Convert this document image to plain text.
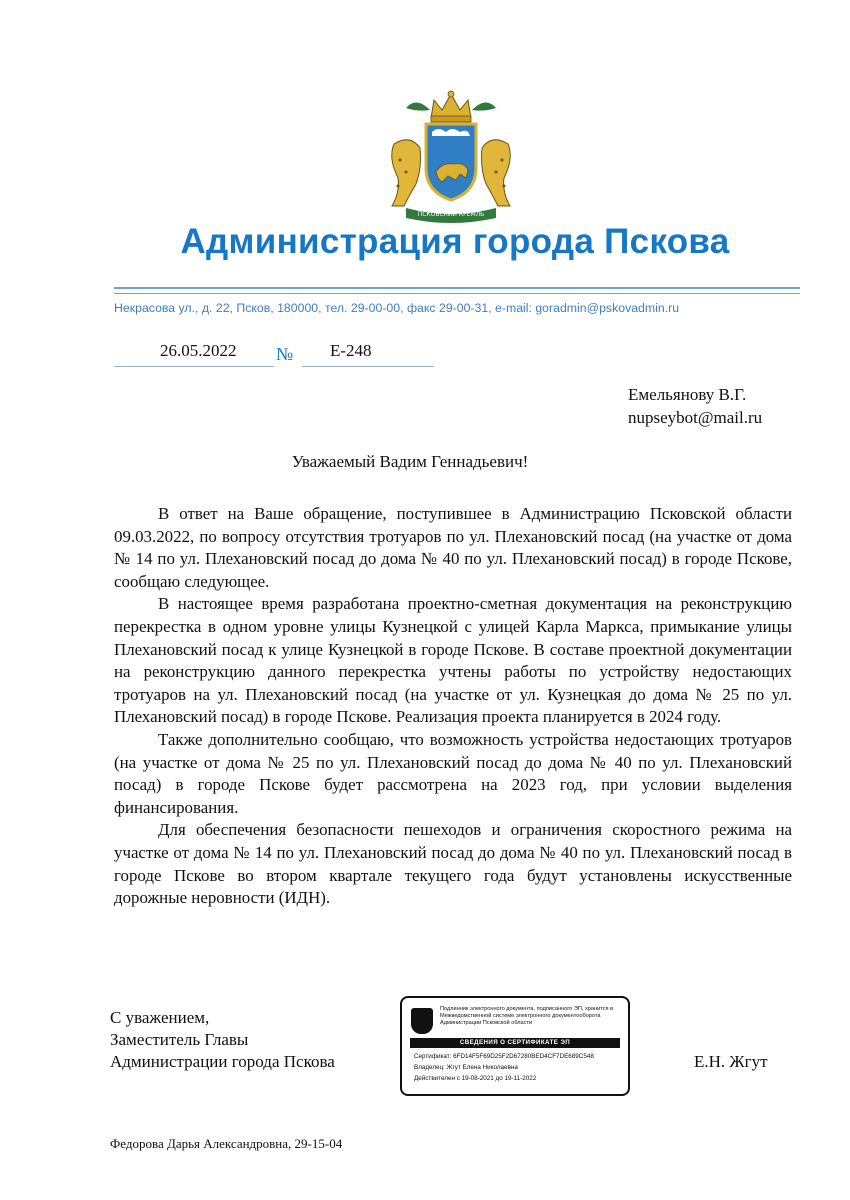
ПСКОВСКИЙ КРЕМЛЬ
Администрация города Пскова
Некрасова ул., д. 22, Псков, 180000, тел. 29-00-00, факс 29-00-31, e-mail: goradmin@pskovadmin.ru
26.05.2022 № Е-248
Емельянову В.Г.
nupseybot@mail.ru
Уважаемый Вадим Геннадьевич!

В ответ на Ваше обращение, поступившее в Администрацию Псковской области 09.03.2022, по вопросу отсутствия тротуаров по ул. Плехановский посад (на участке от дома № 14 по ул. Плехановский посад до дома № 40 по ул. Плехановский посад) в городе Пскове, сообщаю следующее.

В настоящее время разработана проектно-сметная документация на реконструкцию перекрестка в одном уровне улицы Кузнецкой с улицей Карла Маркса, примыкание улицы Плехановский посад к улице Кузнецкой в городе Пскове. В составе проектной документации на реконструкцию данного перекрестка учтены работы по устройству недостающих тротуаров на ул. Плехановский посад (на участке от ул. Кузнецкая до дома № 25 по ул. Плехановский посад) в городе Пскове. Реализация проекта планируется в 2024 году.

Также дополнительно сообщаю, что возможность устройства недостающих тротуаров (на участке от дома № 25 по ул. Плехановский посад до дома № 40 по ул. Плехановский посад) в городе Пскове будет рассмотрена на 2023 год, при условии выделения финансирования.

Для обеспечения безопасности пешеходов и ограничения скоростного режима на участке от дома № 14 по ул. Плехановский посад до дома № 40 по ул. Плехановский посад в городе Пскове во втором квартале текущего года будут установлены искусственные дорожные неровности (ИДН).

С уважением,
Заместитель Главы
Администрации города Пскова	Е.Н. Жгут
Подлинник электронного документа, подписанного ЭП, хранится в Межведомственной системе электронного документооборота Администрации Псковской области
СВЕДЕНИЯ О СЕРТИФИКАТЕ ЭП
Сертификат: 6FD14F5F69D25F2D67280BED4CF7DE689C548
Владелец: Жгут Елена Николаевна
Действителен с 19-08-2021 до 19-11-2022
Федорова Дарья Александровна, 29-15-04
